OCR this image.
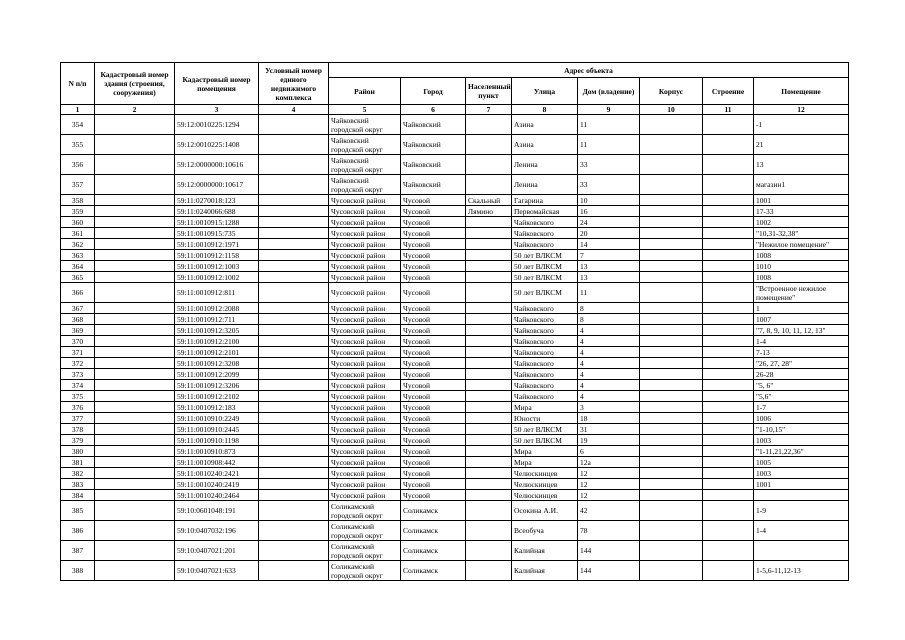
N п/п	Кадастровый номер здания (строения, сооружения)	Кадастровый номер помещения	Условный номер единого недвижимого комплекса	Адрес объекта							
				Район	Город	Населенный пункт	Улица	Дом (владение)	Корпус	Строение	Помещение
1	2	3	4	5	6	7	8	9	10	11	12
354		59:12:0010225:1294		Чайковский городской округ	Чайковский		Азина	11			-1
355		59:12:0010225:1408		Чайковский городской округ	Чайковский		Азина	11			21
356		59:12:0000000:10616		Чайковский городской округ	Чайковский		Ленина	33			13
357		59:12:0000000:10617		Чайковский городской округ	Чайковский		Ленина	33			магазин1
358		59:11:0270018:123		Чусовской район	Чусовой	Скальный	Гагарина	10			1001
359		59:11:0240066:688		Чусовской район	Чусовой	Лямино	Первомайская	16			17-33
360		59:11:0010915:1288		Чусовской район	Чусовой		Чайковского	24			1002
361		59:11:0010915:735		Чусовской район	Чусовой		Чайковского	20			"10,31-32,38"
362		59:11:0010912:1971		Чусовской район	Чусовой		Чайковского	14			"Нежилое помещение"
363		59:11:0010912:1158		Чусовской район	Чусовой		50 лет ВЛКСМ	7			1008
364		59:11:0010912:1003		Чусовской район	Чусовой		50 лет ВЛКСМ	13			1010
365		59:11:0010912:1002		Чусовской район	Чусовой		50 лет ВЛКСМ	13			1008
366		59:11:0010912:811		Чусовской район	Чусовой		50 лет ВЛКСМ	11			"Встроенное нежилое помещение"
367		59:11:0010912:2088		Чусовской район	Чусовой		Чайковского	8			1
368		59:11:0010912:711		Чусовской район	Чусовой		Чайковского	8			1007
369		59:11:0010912:3205		Чусовской район	Чусовой		Чайковского	4			"7, 8, 9, 10, 11, 12, 13"
370		59:11:0010912:2100		Чусовской район	Чусовой		Чайковского	4			1-4
371		59:11:0010912:2101		Чусовской район	Чусовой		Чайковского	4			7-13
372		59:11:0010912:3208		Чусовской район	Чусовой		Чайковского	4			"26, 27, 28"
373		59:11:0010912:2099		Чусовской район	Чусовой		Чайковского	4			26-28
374		59:11:0010912:3206		Чусовской район	Чусовой		Чайковского	4			"5, 6"
375		59:11:0010912:2102		Чусовской район	Чусовой		Чайковского	4			"5,6"
376		59:11:0010912:183		Чусовской район	Чусовой		Мира	3			1-7
377		59:11:0010910:2249		Чусовской район	Чусовой		Юности	18			1006
378		59:11:0010910:2445		Чусовской район	Чусовой		50 лет ВЛКСМ	31			"1-10,15"
379		59:11:0010910:1198		Чусовской район	Чусовой		50 лет ВЛКСМ	19			1003
380		59:11:0010910:873		Чусовской район	Чусовой		Мира	6			"1-11,21,22,36"
381		59:11:0010908:442		Чусовской район	Чусовой		Мира	12а			1005
382		59:11:0010240:2421		Чусовской район	Чусовой		Челюскинцев	12			1003
383		59:11:0010240:2419		Чусовской район	Чусовой		Челюскинцев	12			1001
384		59:11:0010240:2464		Чусовской район	Чусовой		Челюскинцев	12			
385		59:10:0601048:191		Соликамский городской округ	Соликамск		Осокина А.И.	42			1-9
386		59:10:0407032:196		Соликамский городской округ	Соликамск		Всеобуча	78			1-4
387		59:10:0407021:201		Соликамский городской округ	Соликамск		Калийная	144			
388		59:10:0407021:633		Соликамский городской округ	Соликамск		Калийная	144			1-5,6-11,12-13
